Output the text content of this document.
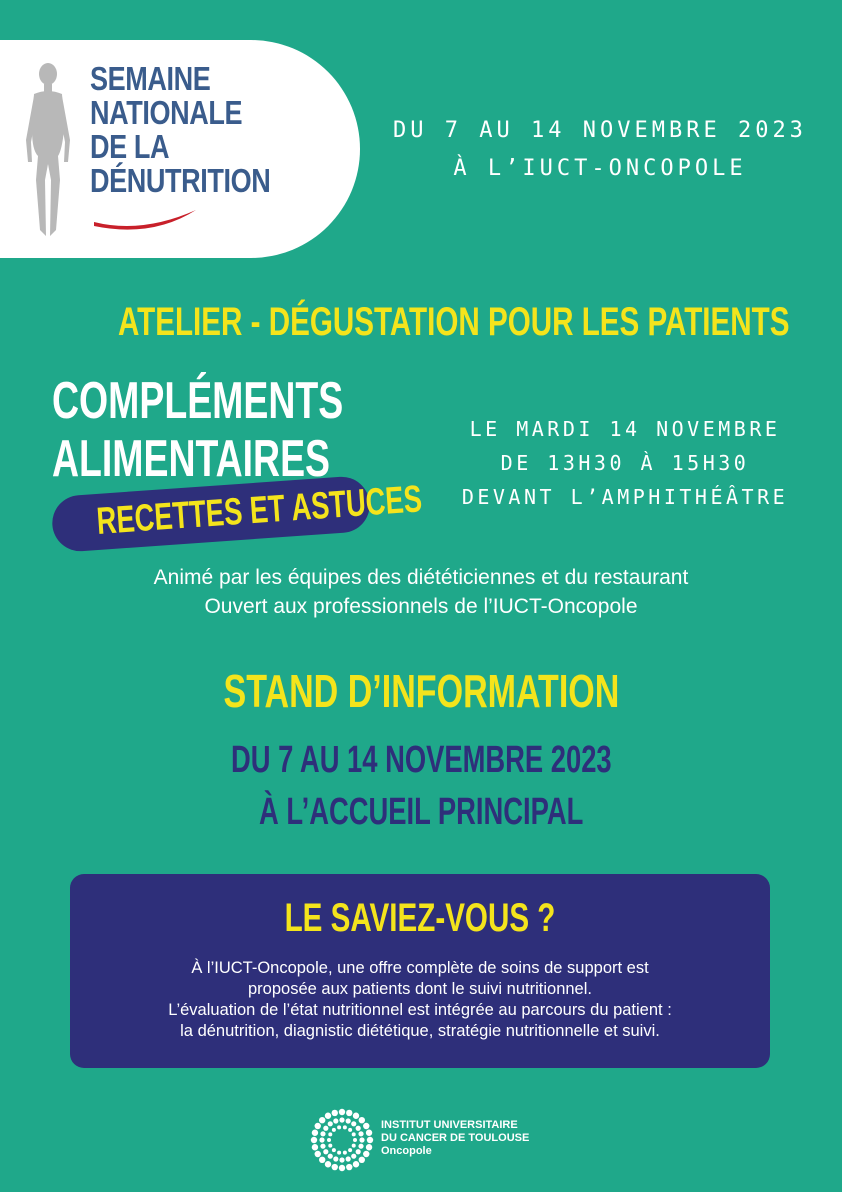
SEMAINE
NATIONALE
DE LA
DÉNUTRITION
DU 7 AU 14 NOVEMBRE 2023
À L’IUCT-ONCOPOLE
ATELIER - DÉGUSTATION POUR LES PATIENTS
COMPLÉMENTS
ALIMENTAIRES
RECETTES ET ASTUCES
LE MARDI 14 NOVEMBRE
DE 13H30 À 15H30
DEVANT L’AMPHITHÉÂTRE
Animé par les équipes des diététiciennes et du restaurant
Ouvert aux professionnels de l’IUCT-Oncopole
STAND D’INFORMATION
DU 7 AU 14 NOVEMBRE 2023
À L’ACCUEIL PRINCIPAL
LE SAVIEZ-VOUS ?
À l’IUCT-Oncopole, une offre complète de soins de support est
proposée aux patients dont le suivi nutritionnel.
L’évaluation de l’état nutritionnel est intégrée au parcours du patient :
la dénutrition, diagnistic diététique, stratégie nutritionnelle et suivi.
INSTITUT UNIVERSITAIRE
DU CANCER DE TOULOUSE
Oncopole
